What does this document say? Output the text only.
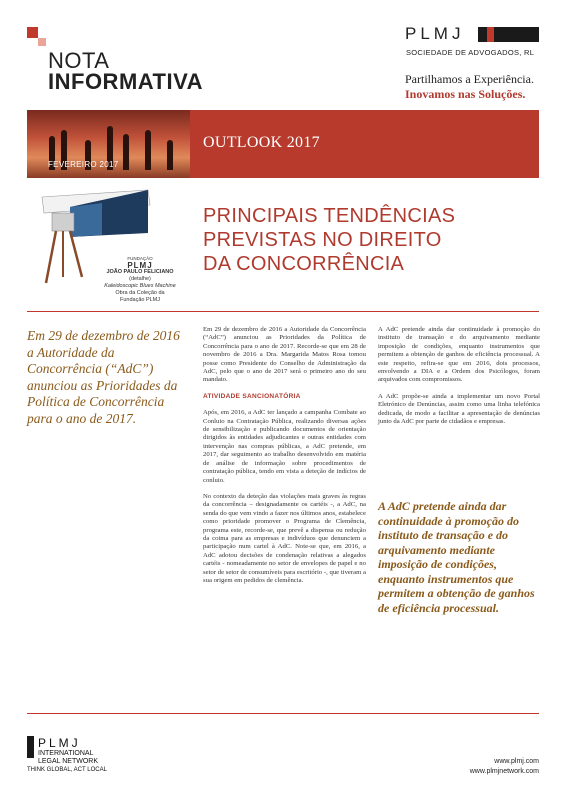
NOTA
INFORMATIVA
PLMJ
SOCIEDADE DE ADVOGADOS, RL
Partilhamos a Experiência.
Inovamos nas Soluções.
FEVEREIRO 2017
OUTLOOK 2017
FUNDAÇÃO
PLMJ
JOÃO PAULO FELICIANO
(detalhe)
Kaleidoscopic Blues Machine
Obra da Coleção da
Fundação PLMJ
PRINCIPAIS TENDÊNCIAS
PREVISTAS NO DIREITO
DA CONCORRÊNCIA
Em 29 de dezembro de 2016 a Autoridade da Concorrência (“AdC”) anunciou as Prioridades da Política de Concorrência para o ano de 2017.

Em 29 de dezembro de 2016 a Autoridade da Concorrência (“AdC”) anunciou as Prioridades da Política de Concorrência para o ano de 2017. Recorde-se que em 28 de novembro de 2016 a Dra. Margarida Matos Rosa tomou posse como Presidente do Conselho de Administração da AdC, pelo que o ano de 2017 será o primeiro ano do seu mandato.

ATIVIDADE SANCIONATÓRIA

Após, em 2016, a AdC ter lançado a campanha Combate ao Conluio na Contratação Pública, realizando diversas ações de sensibilização e publicando documentos de orientação dirigidos às entidades adjudicantes e outras entidades com intervenção nas compras públicas, a AdC pretende, em 2017, dar seguimento ao trabalho desenvolvido em matéria de análise de informação sobre procedimentos de contratação pública, tendo em vista a deteção de indícios de conluio.

No contexto da deteção das violações mais graves às regras da concorrência – designadamente os cartéis -, a AdC, na senda do que vem vindo a fazer nos últimos anos, estabelece como prioridade promover o Programa de Clemência, programa este, recorde-se, que prevê a dispensa ou redução da coima para as empresas e indivíduos que denunciem a participação num cartel à AdC. Note-se que, em 2016, a AdC adotou decisões de condenação relativas a alegados cartéis - nomeadamente no setor de envelopes de papel e no setor de setor de consumíveis para escritório -, que tiveram a sua origem em pedidos de clemência.

A AdC pretende ainda dar continuidade à promoção do instituto de transação e do arquivamento mediante imposição de condições, enquanto instrumentos que permitem a obtenção de ganhos de eficiência processual. A este respeito, refira-se que em 2016, dois processos, envolvendo a DIA e a Ordem dos Psicólogos, foram arquivados com compromissos.

A AdC propõe-se ainda a implementar um novo Portal Eletrónico de Denúncias, assim como uma linha telefónica dedicada, de modo a facilitar a apresentação de denúncias junto da AdC por parte de cidadãos e empresas.

A AdC pretende ainda dar continuidade à promoção do instituto de transação e do arquivamento mediante imposição de condições, enquanto instrumentos que permitem a obtenção de ganhos de eficiência processual.
PLMJ
INTERNATIONAL
LEGAL NETWORK
THINK GLOBAL, ACT LOCAL
www.plmj.com
www.plmjnetwork.com
